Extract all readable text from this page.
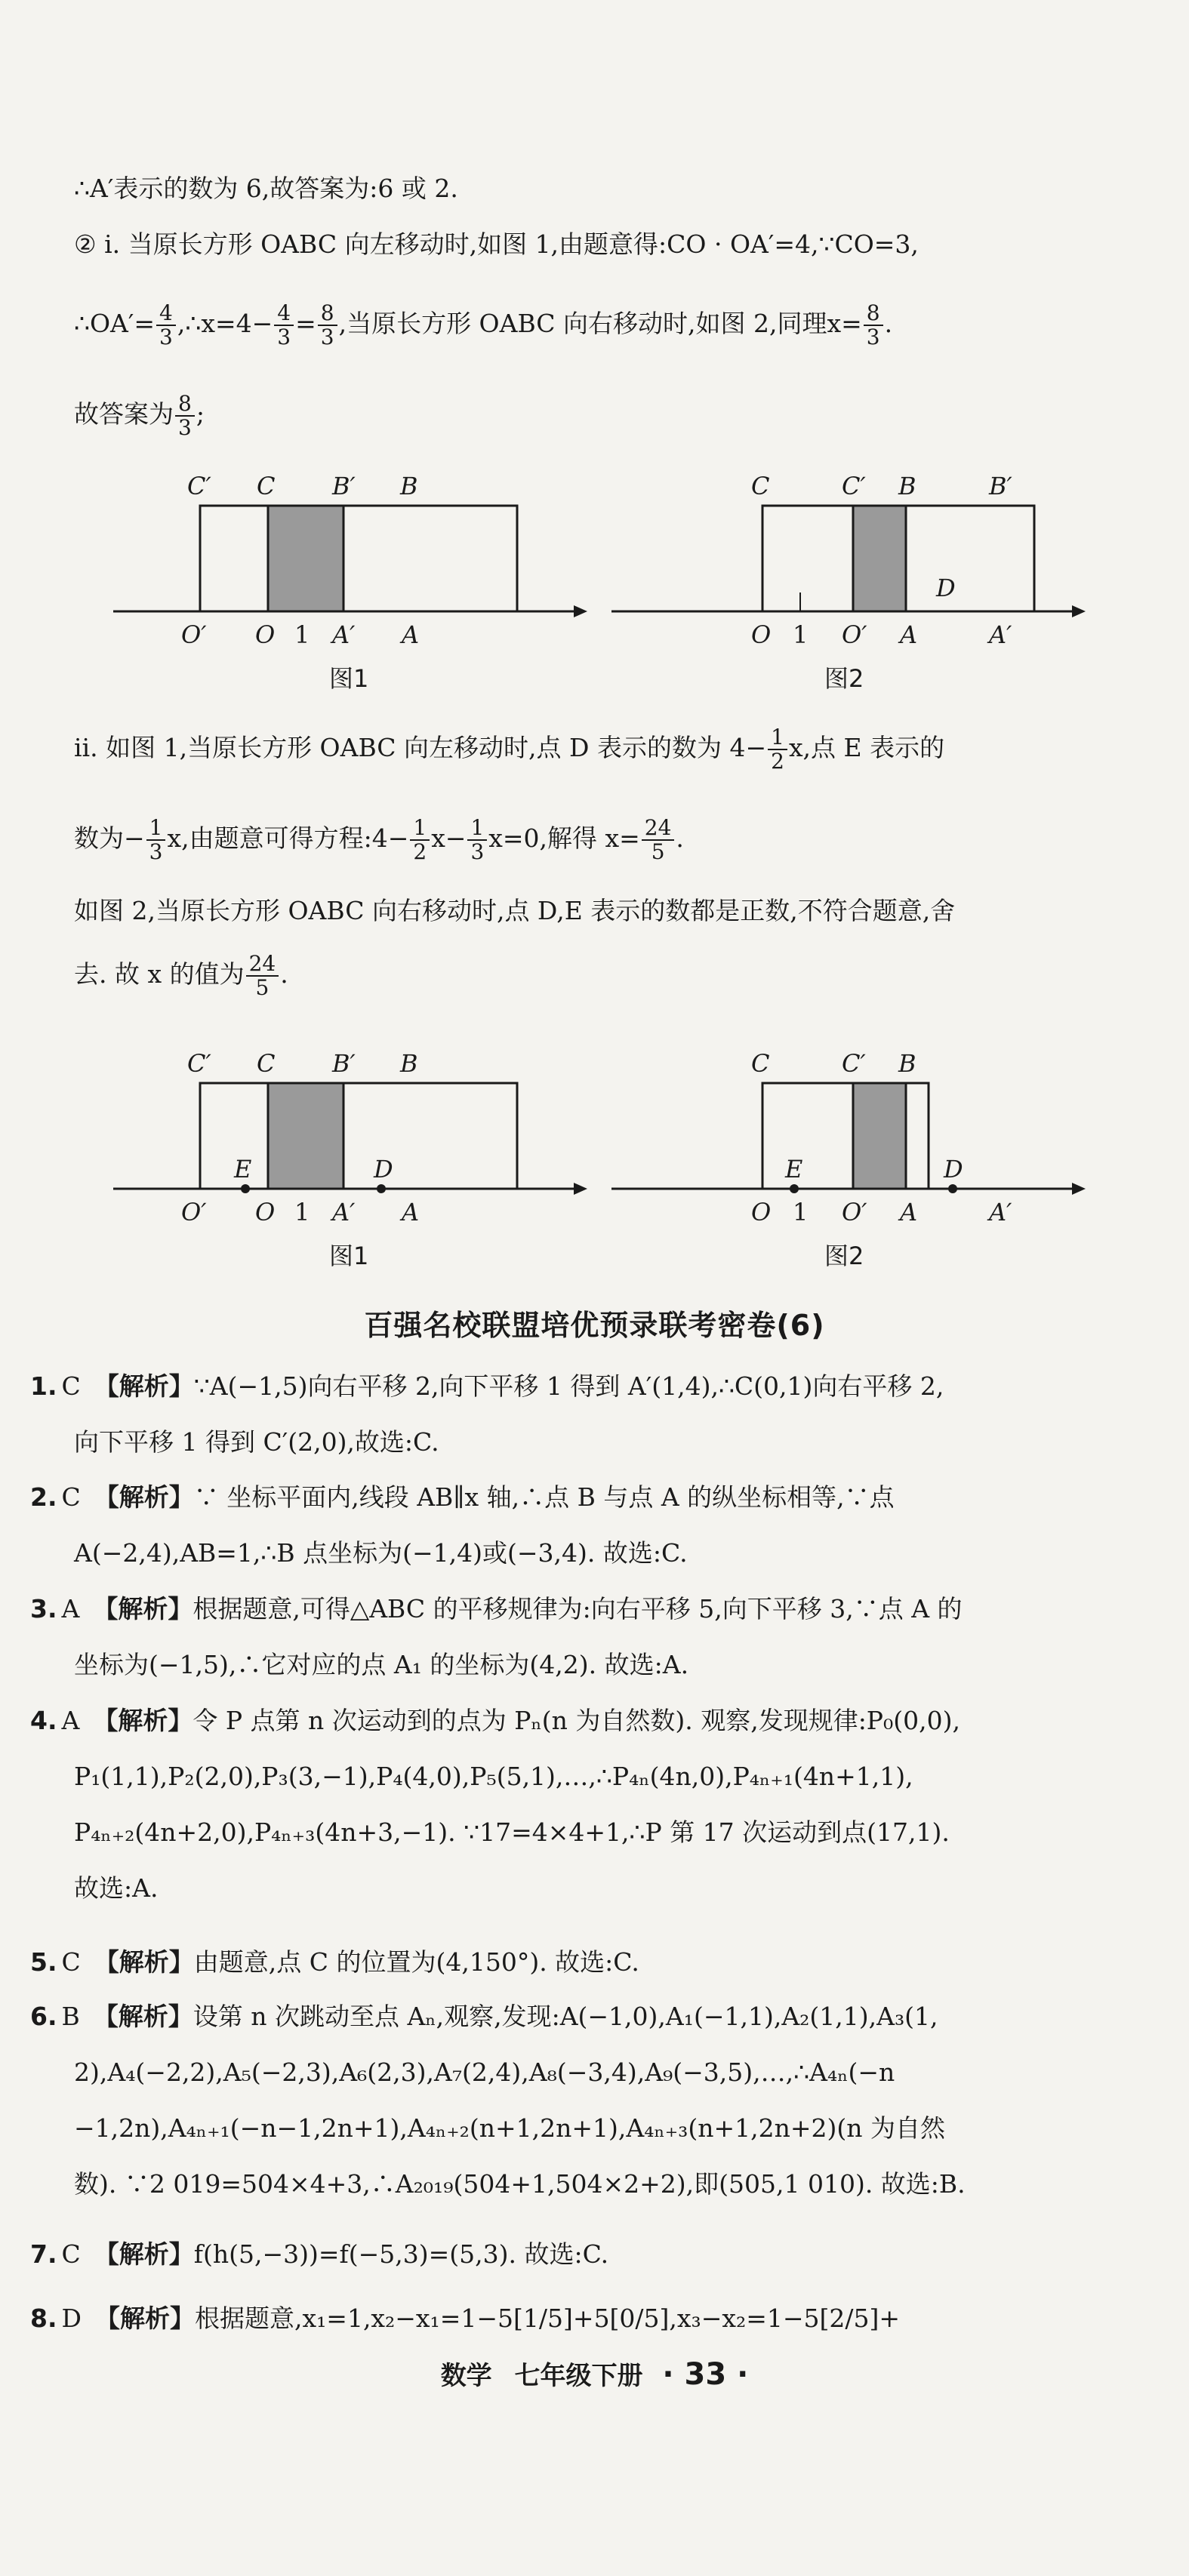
∴A′表示的数为 6,故答案为:6 或 2.
② ⅰ. 当原长方形 OABC 向左移动时,如图 1,由题意得:CO · OA′=4,∵CO=3,
∴OA′= $\frac{4}{3}$ ,∴x=4− $\frac{4}{3} = \frac{8}{3}$ ,当原长方形 OABC 向右移动时,如图 2,同理$x= \frac{8}{3}$ .
故答案为 $\frac{8}{3}$ ;
C′ C B′ B
O′ O 1 A′ A
图1
C	C′ B	B′
D
O 1 O′ A	A′
图2
ⅱ. 如图 1,当原长方形 OABC 向左移动时,点 D 表示的数为 $4- \frac{1}{2} x$,点 E 表示的
数为− $\frac{1}{3} x$,由题意可得方程:4− $\frac{1}{2} x- \frac{1}{3} x=0$,解得 $x= \frac{24}{5}$ .
如图 2,当原长方形 OABC 向右移动时,点 D,E 表示的数都是正数,不符合题意,舍
去. 故 x 的值为 $\frac{24}{5}$ .
C′ C B′ B
E	D
O′ O 1 A′ A
图1
C	C′ B
E	D
O 1 O′ A	A′
图2
百强名校联盟培优预录联考密卷(6)
1. C 【解析】∵A(−1,5)向右平移 2,向下平移 1 得到 A′(1,4),∴C(0,1)向右平移 2,
向下平移 1 得到 C′(2,0),故选:C.
2. C 【解析】∵ 坐标平面内,线段 AB∥x 轴,∴点 B 与点 A 的纵坐标相等,∵点
A(−2,4),AB=1,∴B 点坐标为(−1,4)或(−3,4). 故选:C.
3. A 【解析】根据题意,可得△ABC 的平移规律为:向右平移 5,向下平移 3,∵点 A 的
坐标为(−1,5),∴它对应的点 A₁ 的坐标为(4,2). 故选:A.
4. A 【解析】令 P 点第 n 次运动到的点为 Pₙ(n 为自然数). 观察,发现规律:P₀(0,0),
P₁(1,1),P₂(2,0),P₃(3,−1),P₄(4,0),P₅(5,1),…,∴P₄ₙ(4n,0),P₄ₙ₊₁(4n+1,1),
P₄ₙ₊₂(4n+2,0),P₄ₙ₊₃(4n+3,−1). ∵17=4×4+1,∴P 第 17 次运动到点(17,1).
故选:A.
5. C 【解析】由题意,点 C 的位置为(4,150°). 故选:C.
6. B 【解析】设第 n 次跳动至点 Aₙ,观察,发现:A(−1,0),A₁(−1,1),A₂(1,1),A₃(1,
2),A₄(−2,2),A₅(−2,3),A₆(2,3),A₇(2,4),A₈(−3,4),A₉(−3,5),…,∴A₄ₙ(−n
−1,2n),A₄ₙ₊₁(−n−1,2n+1),A₄ₙ₊₂(n+1,2n+1),A₄ₙ₊₃(n+1,2n+2)(n 为自然
数). ∵2 019=504×4+3,∴A₂₀₁₉(504+1,504×2+2),即(505,1 010). 故选:B.
7. C 【解析】f(h(5,−3))=f(−5,3)=(5,3). 故选:C.
8. D 【解析】根据题意,x₁=1,x₂−x₁=1−5[1/5]+5[0/5],x₃−x₂=1−5[2/5]+
数学 七年级下册 · 33 ·
